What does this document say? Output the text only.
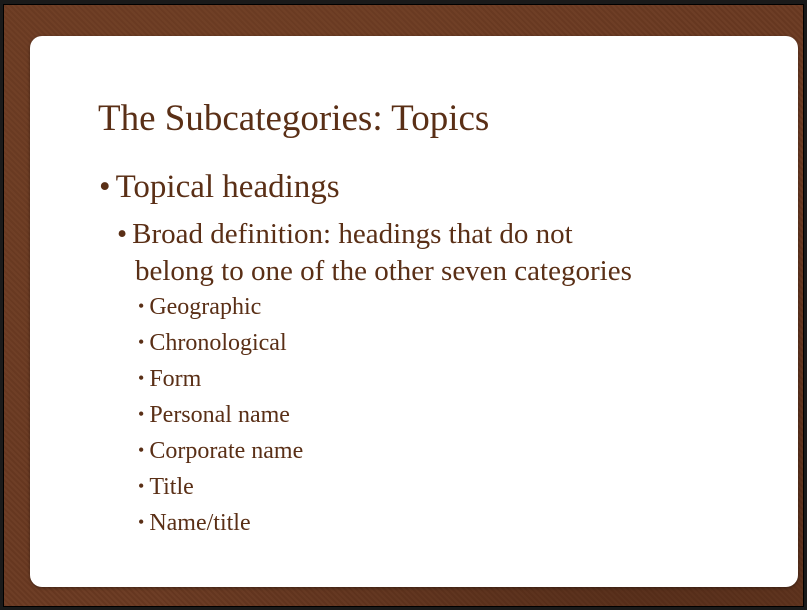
The Subcategories: Topics
• Topical headings
• Broad definition: headings that do not
belong to one of the other seven categories
• Geographic
• Chronological
• Form
• Personal name
• Corporate name
• Title
• Name/title
